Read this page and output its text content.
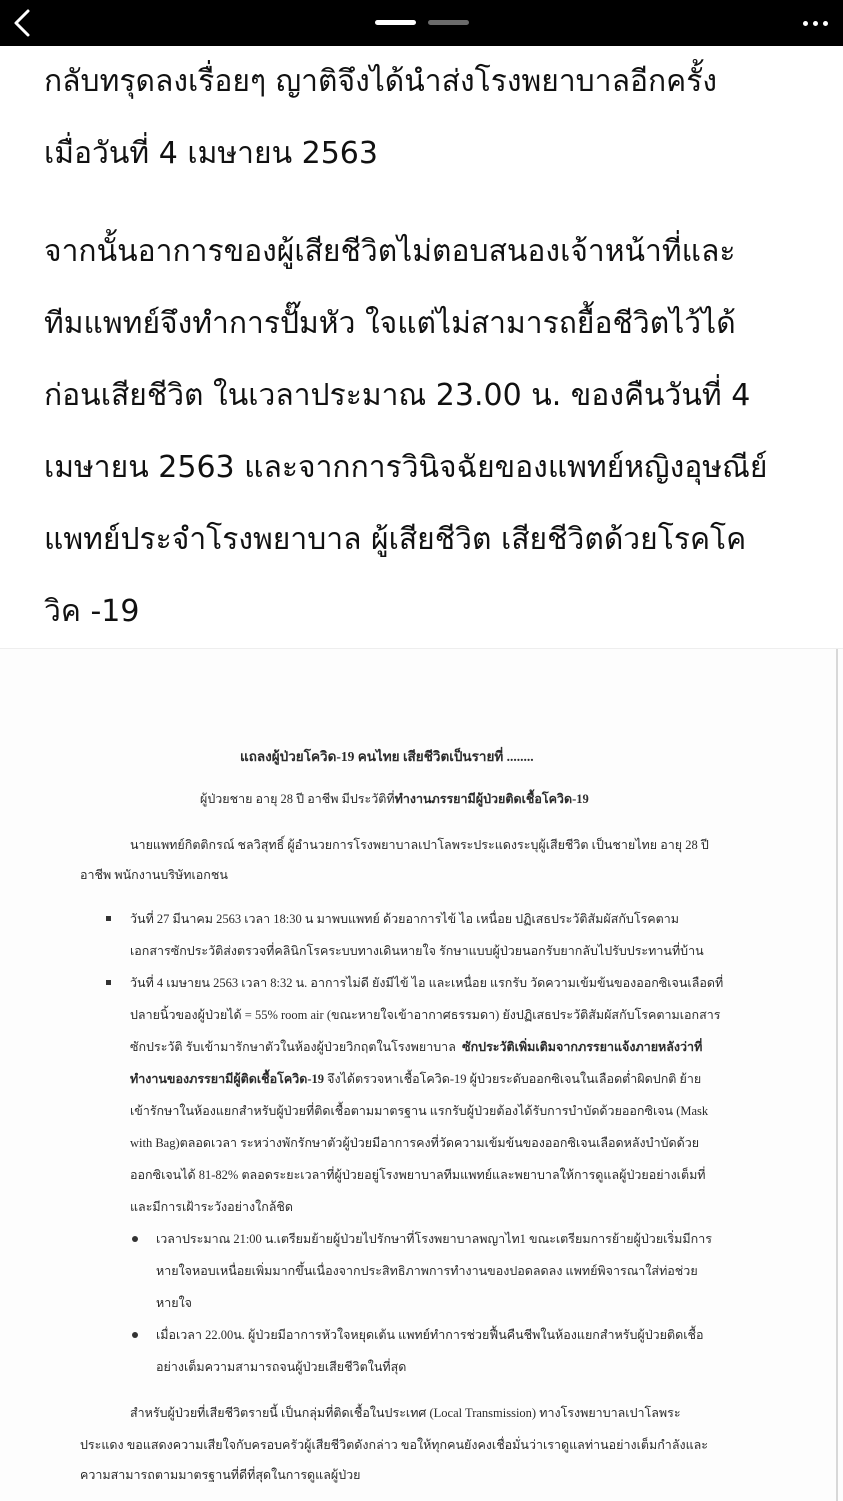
กลับทรุดลงเรื่อยๆ ญาติจึงได้นำส่งโรงพยาบาลอีกครั้ง

เมื่อวันที่ 4 เมษายน 2563

จากนั้นอาการของผู้เสียชีวิตไม่ตอบสนองเจ้าหน้าที่และ

ทีมแพทย์จึงทำการปั๊มหัว ใจแต่ไม่สามารถยื้อชีวิตไว้ได้

ก่อนเสียชีวิต ในเวลาประมาณ 23.00 น. ของคืนวันที่ 4

เมษายน 2563 และจากการวินิจฉัยของแพทย์หญิงอุษณีย์

แพทย์ประจำโรงพยาบาล ผู้เสียชีวิต เสียชีวิตด้วยโรคโค

วิค -19

แถลงผู้ป่วยโควิด-19 คนไทย เสียชีวิตเป็นรายที่ ........
ผู้ป่วยชาย อายุ 28 ปี อาชีพ มีประวัติที่ทำงานภรรยามีผู้ป่วยติดเชื้อโควิด-19
นายแพทย์กิตติกรณ์ ชลวิสุทธิ์ ผู้อำนวยการโรงพยาบาลเปาโลพระประแดงระบุผู้เสียชีวิต เป็นชายไทย อายุ 28 ปี
อาชีพ พนักงานบริษัทเอกชน
วันที่ 27 มีนาคม 2563 เวลา 18:30 น มาพบแพทย์ ด้วยอาการไข้ ไอ เหนื่อย ปฏิเสธประวัติสัมผัสกับโรคตาม
เอกสารซักประวัติส่งตรวจที่คลินิกโรคระบบทางเดินหายใจ รักษาแบบผู้ป่วยนอกรับยากลับไปรับประทานที่บ้าน
วันที่ 4 เมษายน 2563 เวลา 8:32 น. อาการไม่ดี ยังมีไข้ ไอ และเหนื่อย แรกรับ วัดความเข้มข้นของออกซิเจนเลือดที่
ปลายนิ้วของผู้ป่วยได้ = 55% room air (ขณะหายใจเข้าอากาศธรรมดา) ยังปฏิเสธประวัติสัมผัสกับโรคตามเอกสาร
ซักประวัติ รับเข้ามารักษาตัวในห้องผู้ป่วยวิกฤตในโรงพยาบาล ซักประวัติเพิ่มเติมจากภรรยาแจ้งภายหลังว่าที่
ทำงานของภรรยามีผู้ติดเชื้อโควิด-19 จึงได้ตรวจหาเชื้อโควิด-19 ผู้ป่วยระดับออกซิเจนในเลือดต่ำผิดปกติ ย้าย
เข้ารักษาในห้องแยกสำหรับผู้ป่วยที่ติดเชื้อตามมาตรฐาน แรกรับผู้ป่วยต้องได้รับการบำบัดด้วยออกซิเจน (Mask
with Bag)ตลอดเวลา ระหว่างพักรักษาตัวผู้ป่วยมีอาการคงที่วัดความเข้มข้นของออกซิเจนเลือดหลังบำบัดด้วย
ออกซิเจนได้ 81-82% ตลอดระยะเวลาที่ผู้ป่วยอยู่โรงพยาบาลทีมแพทย์และพยาบาลให้การดูแลผู้ป่วยอย่างเต็มที่
และมีการเฝ้าระวังอย่างใกล้ชิด
เวลาประมาณ 21:00 น.เตรียมย้ายผู้ป่วยไปรักษาที่โรงพยาบาลพญาไท1 ขณะเตรียมการย้ายผู้ป่วยเริ่มมีการ
หายใจหอบเหนื่อยเพิ่มมากขึ้นเนื่องจากประสิทธิภาพการทำงานของปอดลดลง แพทย์พิจารณาใส่ท่อช่วย
หายใจ
เมื่อเวลา 22.00น. ผู้ป่วยมีอาการหัวใจหยุดเต้น แพทย์ทำการช่วยฟื้นคืนชีพในห้องแยกสำหรับผู้ป่วยติดเชื้อ
อย่างเต็มความสามารถจนผู้ป่วยเสียชีวิตในที่สุด
สำหรับผู้ป่วยที่เสียชีวิตรายนี้ เป็นกลุ่มที่ติดเชื้อในประเทศ (Local Transmission) ทางโรงพยาบาลเปาโลพระ
ประแดง ขอแสดงความเสียใจกับครอบครัวผู้เสียชีวิตดังกล่าว ขอให้ทุกคนยังคงเชื่อมั่นว่าเราดูแลท่านอย่างเต็มกำลังและ
ความสามารถตามมาตรฐานที่ดีที่สุดในการดูแลผู้ป่วย
